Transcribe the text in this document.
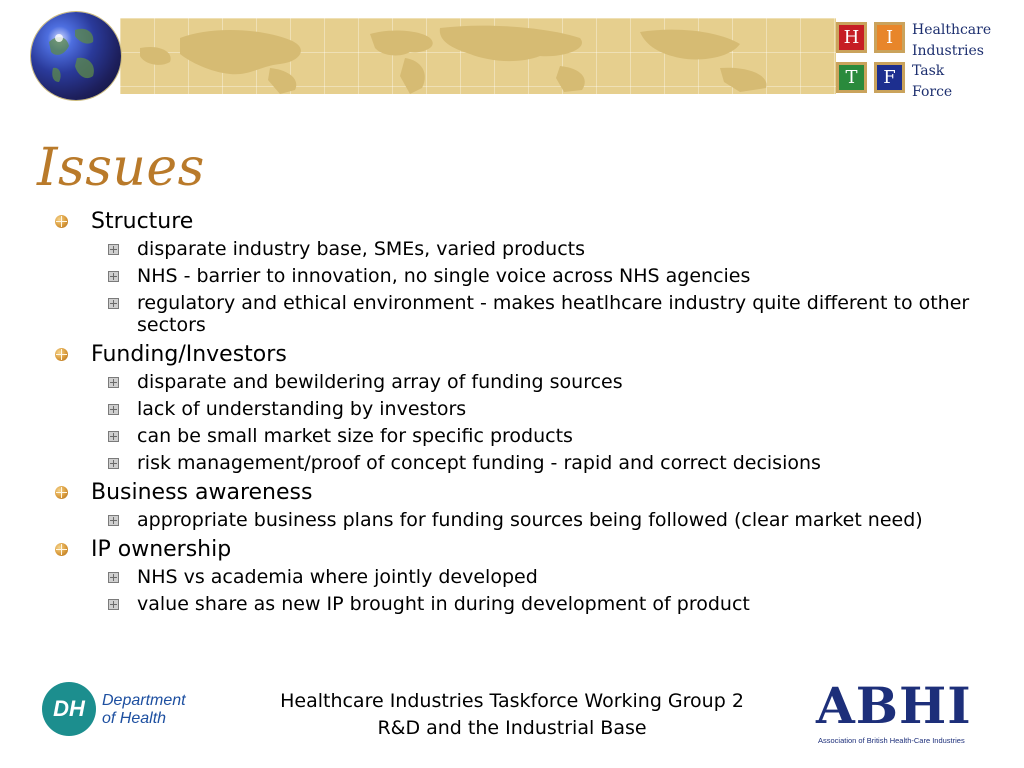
H	I
T	F
Healthcare
Industries
Task
Force
Issues
Structure
disparate industry base, SMEs, varied products
NHS - barrier to innovation, no single voice across NHS agencies
regulatory and ethical environment - makes heatlhcare industry quite different to other sectors
Funding/Investors
disparate and bewildering array of funding sources
lack of understanding by investors
can be small market size for specific products
risk management/proof of concept funding - rapid and correct decisions
Business awareness
appropriate business plans for funding sources being followed (clear market need)
IP ownership
NHS vs academia where jointly developed
value share as new IP brought in during development of product
DH	Department
of Health
Healthcare Industries Taskforce Working Group 2
R&D and the Industrial Base	ABHI
Association of British Health-Care Industries
